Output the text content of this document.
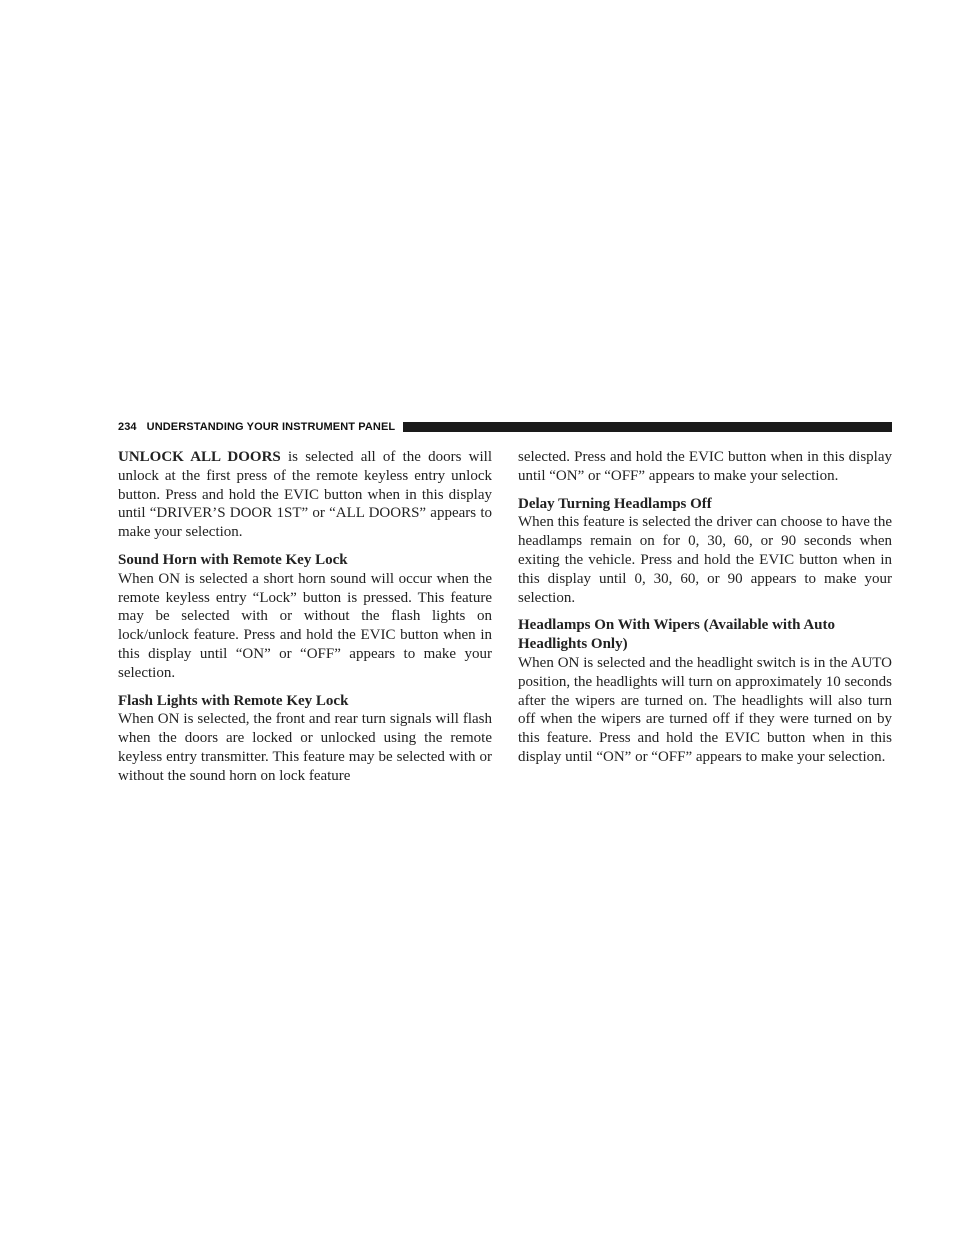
234 UNDERSTANDING YOUR INSTRUMENT PANEL

UNLOCK ALL DOORS is selected all of the doors will unlock at the first press of the remote keyless entry unlock button. Press and hold the EVIC button when in this display until “DRIVER’S DOOR 1ST” or “ALL DOORS” appears to make your selection.

Sound Horn with Remote Key Lock

When ON is selected a short horn sound will occur when the remote keyless entry “Lock” button is pressed. This feature may be selected with or without the flash lights on lock/unlock feature. Press and hold the EVIC button when in this display until “ON” or “OFF” appears to make your selection.

Flash Lights with Remote Key Lock

When ON is selected, the front and rear turn signals will flash when the doors are locked or unlocked using the remote keyless entry transmitter. This feature may be selected with or without the sound horn on lock feature

selected. Press and hold the EVIC button when in this display until “ON” or “OFF” appears to make your selection.

Delay Turning Headlamps Off

When this feature is selected the driver can choose to have the headlamps remain on for 0, 30, 60, or 90 seconds when exiting the vehicle. Press and hold the EVIC button when in this display until 0, 30, 60, or 90 appears to make your selection.

Headlamps On With Wipers (Available with Auto Headlights Only)

When ON is selected and the headlight switch is in the AUTO position, the headlights will turn on approximately 10 seconds after the wipers are turned on. The headlights will also turn off when the wipers are turned off if they were turned on by this feature. Press and hold the EVIC button when in this display until “ON” or “OFF” appears to make your selection.
